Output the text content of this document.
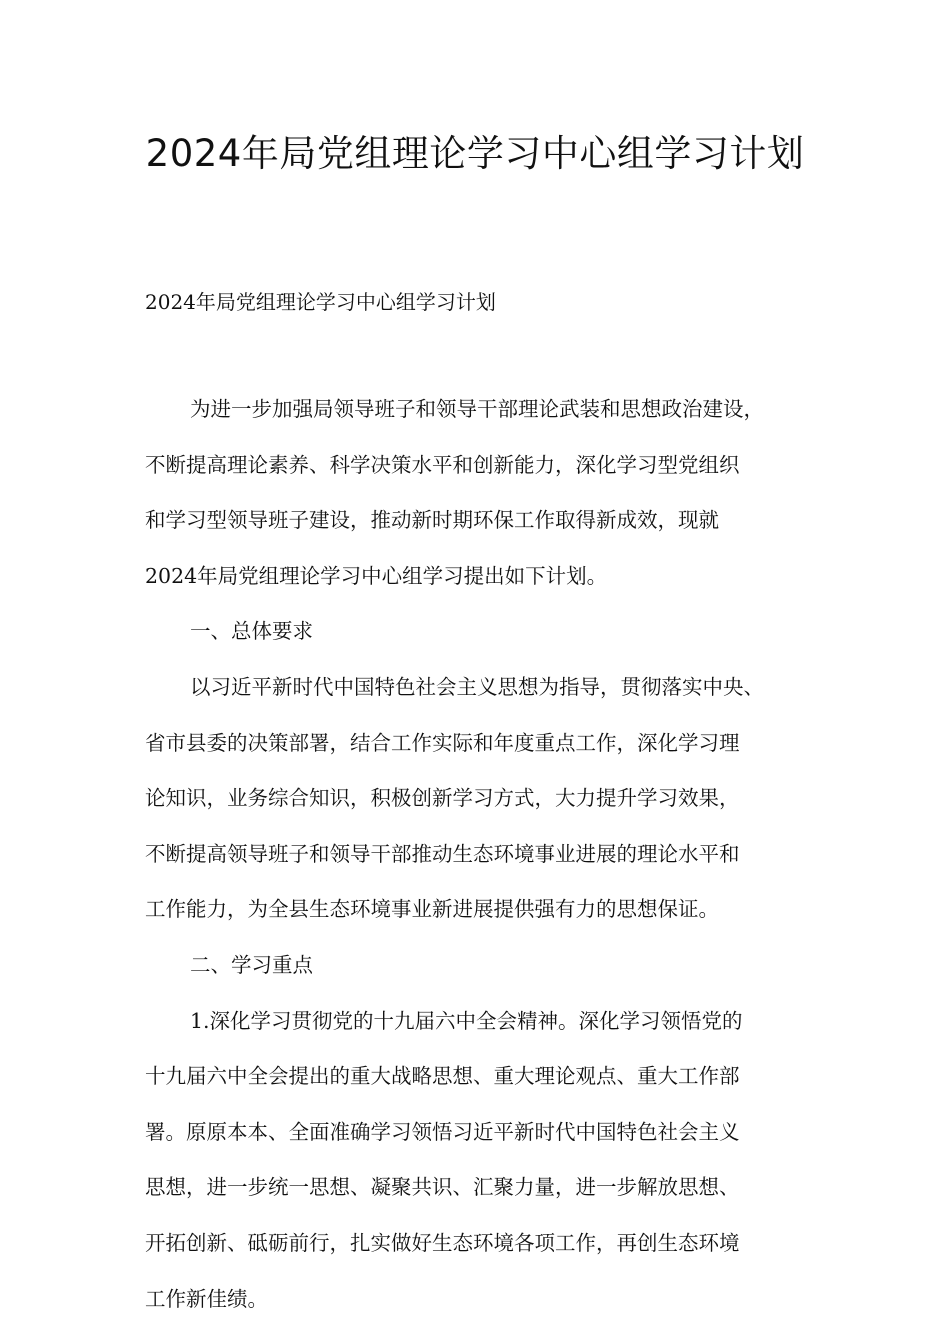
2024年局党组理论学习中心组学习计划
2024年局党组理论学习中心组学习计划
为进一步加强局领导班子和领导干部理论武装和思想政治建设，
不断提高理论素养、科学决策水平和创新能力，深化学习型党组织
和学习型领导班子建设，推动新时期环保工作取得新成效，现就
2024年局党组理论学习中心组学习提出如下计划。
一、总体要求
以习近平新时代中国特色社会主义思想为指导，贯彻落实中央、
省市县委的决策部署，结合工作实际和年度重点工作，深化学习理
论知识，业务综合知识，积极创新学习方式，大力提升学习效果，
不断提高领导班子和领导干部推动生态环境事业进展的理论水平和
工作能力，为全县生态环境事业新进展提供强有力的思想保证。
二、学习重点
1.深化学习贯彻党的十九届六中全会精神。深化学习领悟党的
十九届六中全会提出的重大战略思想、重大理论观点、重大工作部
署。原原本本、全面准确学习领悟习近平新时代中国特色社会主义
思想，进一步统一思想、凝聚共识、汇聚力量，进一步解放思想、
开拓创新、砥砺前行，扎实做好生态环境各项工作，再创生态环境
工作新佳绩。
